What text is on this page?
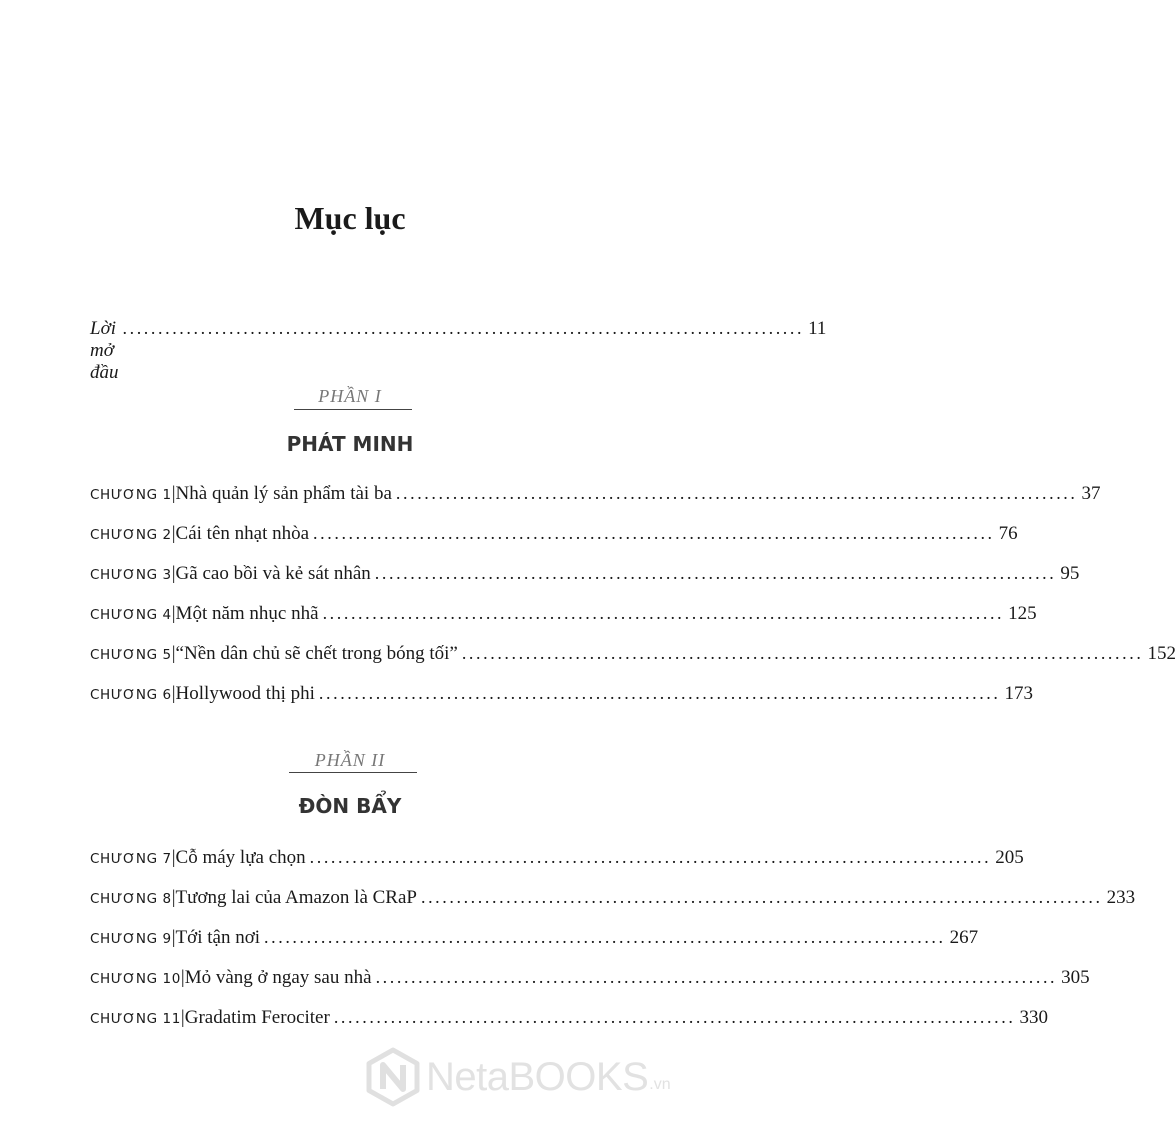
Mục lục
Lời mở đầu
................................................................................................ 11
PHẦN I
PHÁT MINH
CHƯƠNG 1 | Nhà quản lý sản phẩm tài ba ................................................................................................ 37
CHƯƠNG 2 | Cái tên nhạt nhòa ................................................................................................ 76
CHƯƠNG 3 | Gã cao bồi và kẻ sát nhân ................................................................................................ 95
CHƯƠNG 4 | Một năm nhục nhã ................................................................................................ 125
CHƯƠNG 5 | “Nền dân chủ sẽ chết trong bóng tối” ................................................................................................ 152
CHƯƠNG 6 | Hollywood thị phi ................................................................................................ 173
PHẦN II
ĐÒN BẨY
CHƯƠNG 7 | Cỗ máy lựa chọn ................................................................................................ 205
CHƯƠNG 8 | Tương lai của Amazon là CRaP ................................................................................................ 233
CHƯƠNG 9 | Tới tận nơi ................................................................................................ 267
CHƯƠNG 10 | Mỏ vàng ở ngay sau nhà ................................................................................................ 305
CHƯƠNG 11 | Gradatim Ferociter ................................................................................................ 330
NetaBOOKS .vn
